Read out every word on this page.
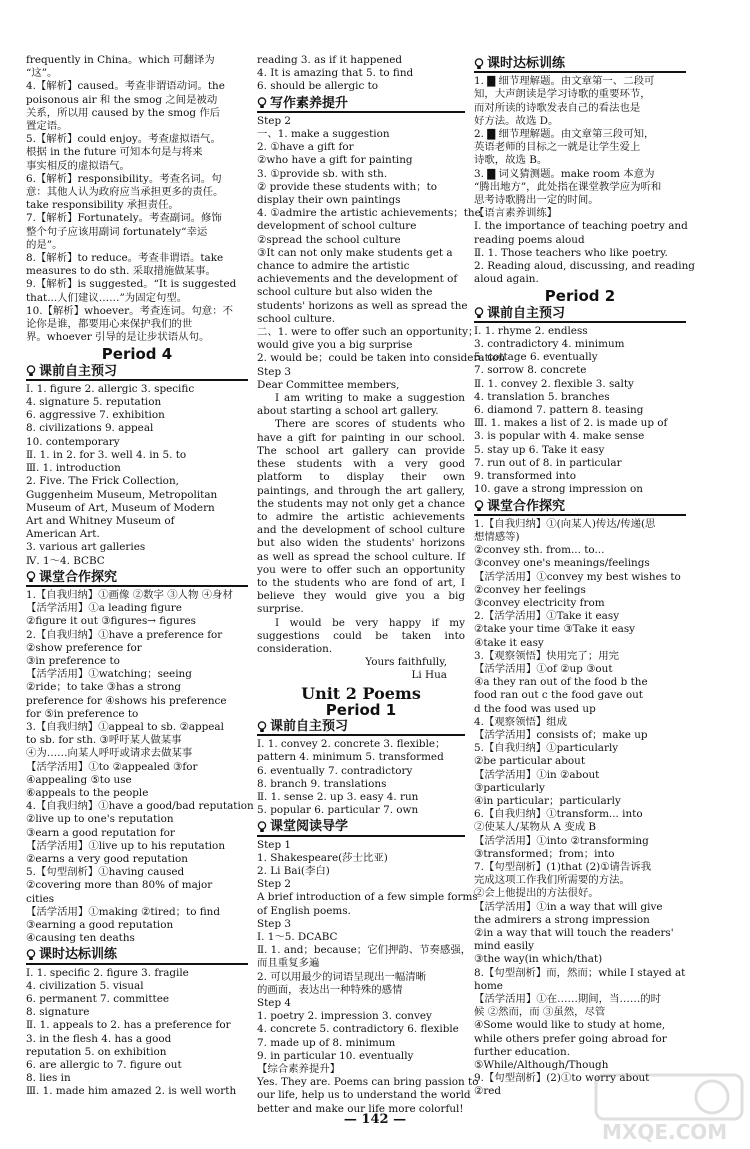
frequently in China。which 可翻译为
“这”。
4.【解析】caused。考查非谓语动词。the
poisonous air 和 the smog 之间是被动
关系，所以用 caused by the smog 作后
置定语。
5.【解析】could enjoy。考查虚拟语气。
根据 in the future 可知本句是与将来
事实相反的虚拟语气。
6.【解析】responsibility。考查名词。句
意：其他人认为政府应当承担更多的责任。
take responsibility 承担责任。
7.【解析】Fortunately。考查副词。修饰
整个句子应该用副词 fortunately“幸运
的是”。
8.【解析】to reduce。考查非谓语。take
measures to do sth. 采取措施做某事。
9.【解析】is suggested。“It is suggested
that...人们建议……”为固定句型。
10.【解析】whoever。考查连词。句意：不
论你是谁，都要用心来保护我们的世
界。whoever 引导的是让步状语从句。
Period 4
课前自主预习
Ⅰ. 1. figure 2. allergic 3. specific
4. signature 5. reputation
6. aggressive 7. exhibition
8. civilizations 9. appeal
10. contemporary
Ⅱ. 1. in 2. for 3. well 4. in 5. to
Ⅲ. 1. introduction
2. Five. The Frick Collection,
Guggenheim Museum, Metropolitan
Museum of Art, Museum of Modern
Art and Whitney Museum of
American Art.
3. various art galleries
Ⅳ. 1～4. BCBC
课堂合作探究
1.【自我归纳】①画像 ②数字 ③人物 ④身材
【活学活用】①a leading figure
②figure it out ③figures→ figures
2.【自我归纳】①have a preference for
②show preference for
③in preference to
【活学活用】①watching；seeing
②ride；to take ③has a strong
preference for ④shows his preference
for ⑤in preference to
3.【自我归纳】①appeal to sb. ②appeal
to sb. for sth. ③呼吁某人做某事
④为……向某人呼吁或请求去做某事
【活学活用】①to ②appealed ③for
④appealing ⑤to use
⑥appeals to the people
4.【自我归纳】①have a good/bad reputation
②live up to one's reputation
③earn a good reputation for
【活学活用】①live up to his reputation
②earns a very good reputation
5.【句型剖析】①having caused
②covering more than 80% of major
cities
【活学活用】①making ②tired；to find
③earning a good reputation
④causing ten deaths
课时达标训练
Ⅰ. 1. specific 2. figure 3. fragile
4. civilization 5. visual
6. permanent 7. committee
8. signature
Ⅱ. 1. appeals to 2. has a preference for
3. in the flesh 4. has a good
reputation 5. on exhibition
6. are allergic to 7. figure out
8. lies in
Ⅲ. 1. made him amazed 2. is well worth
reading 3. as if it happened
4. It is amazing that 5. to find
6. should be allergic to
写作素养提升
Step 2
一、1. make a suggestion
2. ①have a gift for
②who have a gift for painting
3. ①provide sb. with sth.
② provide these students with；to
display their own paintings
4. ①admire the artistic achievements；the
development of school culture
②spread the school culture
③It can not only make students get a
chance to admire the artistic
achievements and the development of
school culture but also widen the
students' horizons as well as spread the
school culture.
二、1. were to offer such an opportunity；
would give you a big surprise
2. would be；could be taken into consideration
Step 3
Dear Committee members,
I am writing to make a suggestion about starting a school art gallery.
There are scores of students who have a gift for painting in our school. The school art gallery can provide these students with a very good platform to display their own paintings, and through the art gallery, the students may not only get a chance to admire the artistic achievements and the development of school culture but also widen the students' horizons as well as spread the school culture. If you were to offer such an opportunity to the students who are fond of art, I believe they would give you a big surprise.
I would be very happy if my suggestions could be taken into consideration.
Yours faithfully,
Li Hua
Unit 2 Poems
Period 1
课前自主预习
Ⅰ. 1. convey 2. concrete 3. flexible；
pattern 4. minimum 5. transformed
6. eventually 7. contradictory
8. branch 9. translations
Ⅱ. 1. sense 2. up 3. easy 4. run
5. popular 6. particular 7. own
课堂阅读导学
Step 1
1. Shakespeare(莎士比亚)
2. Li Bai(李白)
Step 2
A brief introduction of a few simple forms
of English poems.
Step 3
Ⅰ. 1～5. DCABC
Ⅱ. 1. and；because；它们押韵、节奏感强，
而且重复多遍
2. 可以用最少的词语呈现出一幅清晰
的画面，表达出一种特殊的感情
Step 4
1. poetry 2. impression 3. convey
4. concrete 5. contradictory 6. flexible
7. made up of 8. minimum
9. in particular 10. eventually
【综合素养提升】
Yes. They are. Poems can bring passion to
our life, help us to understand the world
better and make our life more colorful!
课时达标训练
1. ▇ 细节理解题。由文章第一、二段可
知，大声朗读是学习诗歌的重要环节，
而对所读的诗歌发表自己的看法也是
好方法。故选 D。
2. ▇ 细节理解题。由文章第三段可知，
英语老师的目标之一就是让学生爱上
诗歌，故选 B。
3. ▇ 词义猜测题。make room 本意为
“腾出地方”，此处指在课堂教学应为听和
思考诗歌腾出一定的时间。
【语言素养训练】
Ⅰ. the importance of teaching poetry and
reading poems aloud
Ⅱ. 1. Those teachers who like poetry.
2. Reading aloud, discussing, and reading
aloud again.
Period 2
课前自主预习
Ⅰ. 1. rhyme 2. endless
3. contradictory 4. minimum
5. cottage 6. eventually
7. sorrow 8. concrete
Ⅱ. 1. convey 2. flexible 3. salty
4. translation 5. branches
6. diamond 7. pattern 8. teasing
Ⅲ. 1. makes a list of 2. is made up of
3. is popular with 4. make sense
5. stay up 6. Take it easy
7. run out of 8. in particular
9. transformed into
10. gave a strong impression on
课堂合作探究
1.【自我归纳】①(向某人)传达/传递(思
想情感等)
②convey sth. from... to...
③convey one's meanings/feelings
【活学活用】①convey my best wishes to
②convey her feelings
③convey electricity from
2.【活学活用】①Take it easy
②take your time ③Take it easy
④take it easy
3.【观察领悟】快用完了；用完
【活学活用】①of ②up ③out
④a they ran out of the food b the
food ran out c the food gave out
d the food was used up
4.【观察领悟】组成
【活学活用】consists of；make up
5.【自我归纳】①particularly
②be particular about
【活学活用】①in ②about
③particularly
④in particular；particularly
6.【自我归纳】①transform... into
②使某人/某物从 A 变成 B
【活学活用】①into ②transforming
③transformed；from；into
7.【句型剖析】(1)that (2)①请告诉我
完成这项工作我们所需要的方法。
②会上他提出的方法很好。
【活学活用】①in a way that will give
the admirers a strong impression
②in a way that will touch the readers'
mind easily
③the way(in which/that)
8.【句型剖析】而，然而；while I stayed at
home
【活学活用】①在……期间，当……的时
候 ②然而，而 ③虽然，尽管
④Some would like to study at home,
while others prefer going abroad for
further education.
⑤While/Although/Though
9.【句型剖析】(2)①to worry about
②red
— 142 —
MXQE.COM
